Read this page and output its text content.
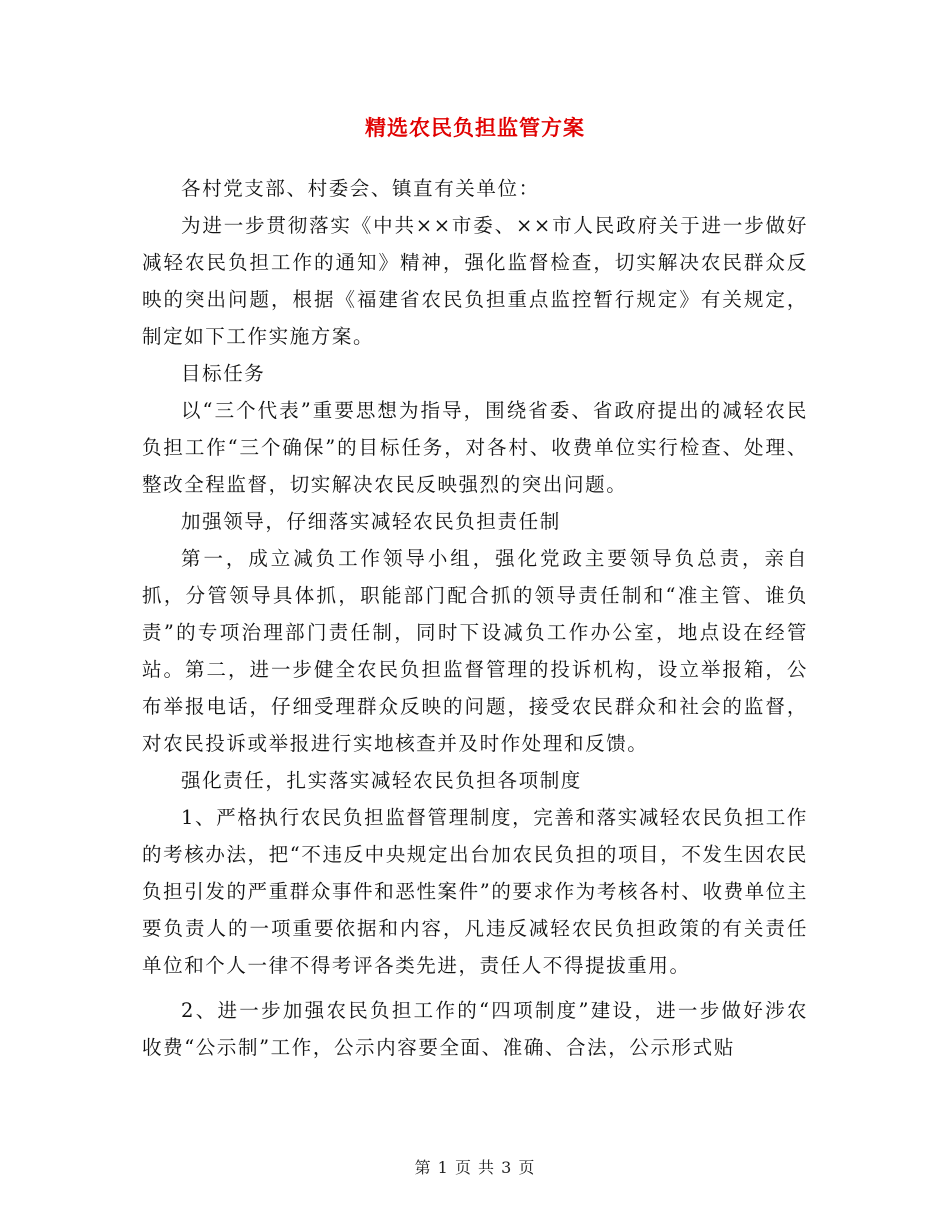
精选农民负担监管方案

各村党支部、村委会、镇直有关单位：

为进一步贯彻落实《中共××市委、××市人民政府关于进一步做好减轻农民负担工作的通知》精神，强化监督检查，切实解决农民群众反映的突出问题，根据《福建省农民负担重点监控暂行规定》有关规定，制定如下工作实施方案。

目标任务

以“三个代表”重要思想为指导，围绕省委、省政府提出的减轻农民负担工作“三个确保”的目标任务，对各村、收费单位实行检查、处理、整改全程监督，切实解决农民反映强烈的突出问题。

加强领导，仔细落实减轻农民负担责任制

第一，成立减负工作领导小组，强化党政主要领导负总责，亲自抓，分管领导具体抓，职能部门配合抓的领导责任制和“准主管、谁负责”的专项治理部门责任制，同时下设减负工作办公室，地点设在经管站。第二，进一步健全农民负担监督管理的投诉机构，设立举报箱，公布举报电话，仔细受理群众反映的问题，接受农民群众和社会的监督，对农民投诉或举报进行实地核查并及时作处理和反馈。

强化责任，扎实落实减轻农民负担各项制度

1、严格执行农民负担监督管理制度，完善和落实减轻农民负担工作的考核办法，把“不违反中央规定出台加农民负担的项目，不发生因农民负担引发的严重群众事件和恶性案件”的要求作为考核各村、收费单位主要负责人的一项重要依据和内容，凡违反减轻农民负担政策的有关责任单位和个人一律不得考评各类先进，责任人不得提拔重用。

2、进一步加强农民负担工作的“四项制度”建设，进一步做好涉农收费“公示制”工作，公示内容要全面、准确、合法，公示形式贴

第 1 页 共 3 页
